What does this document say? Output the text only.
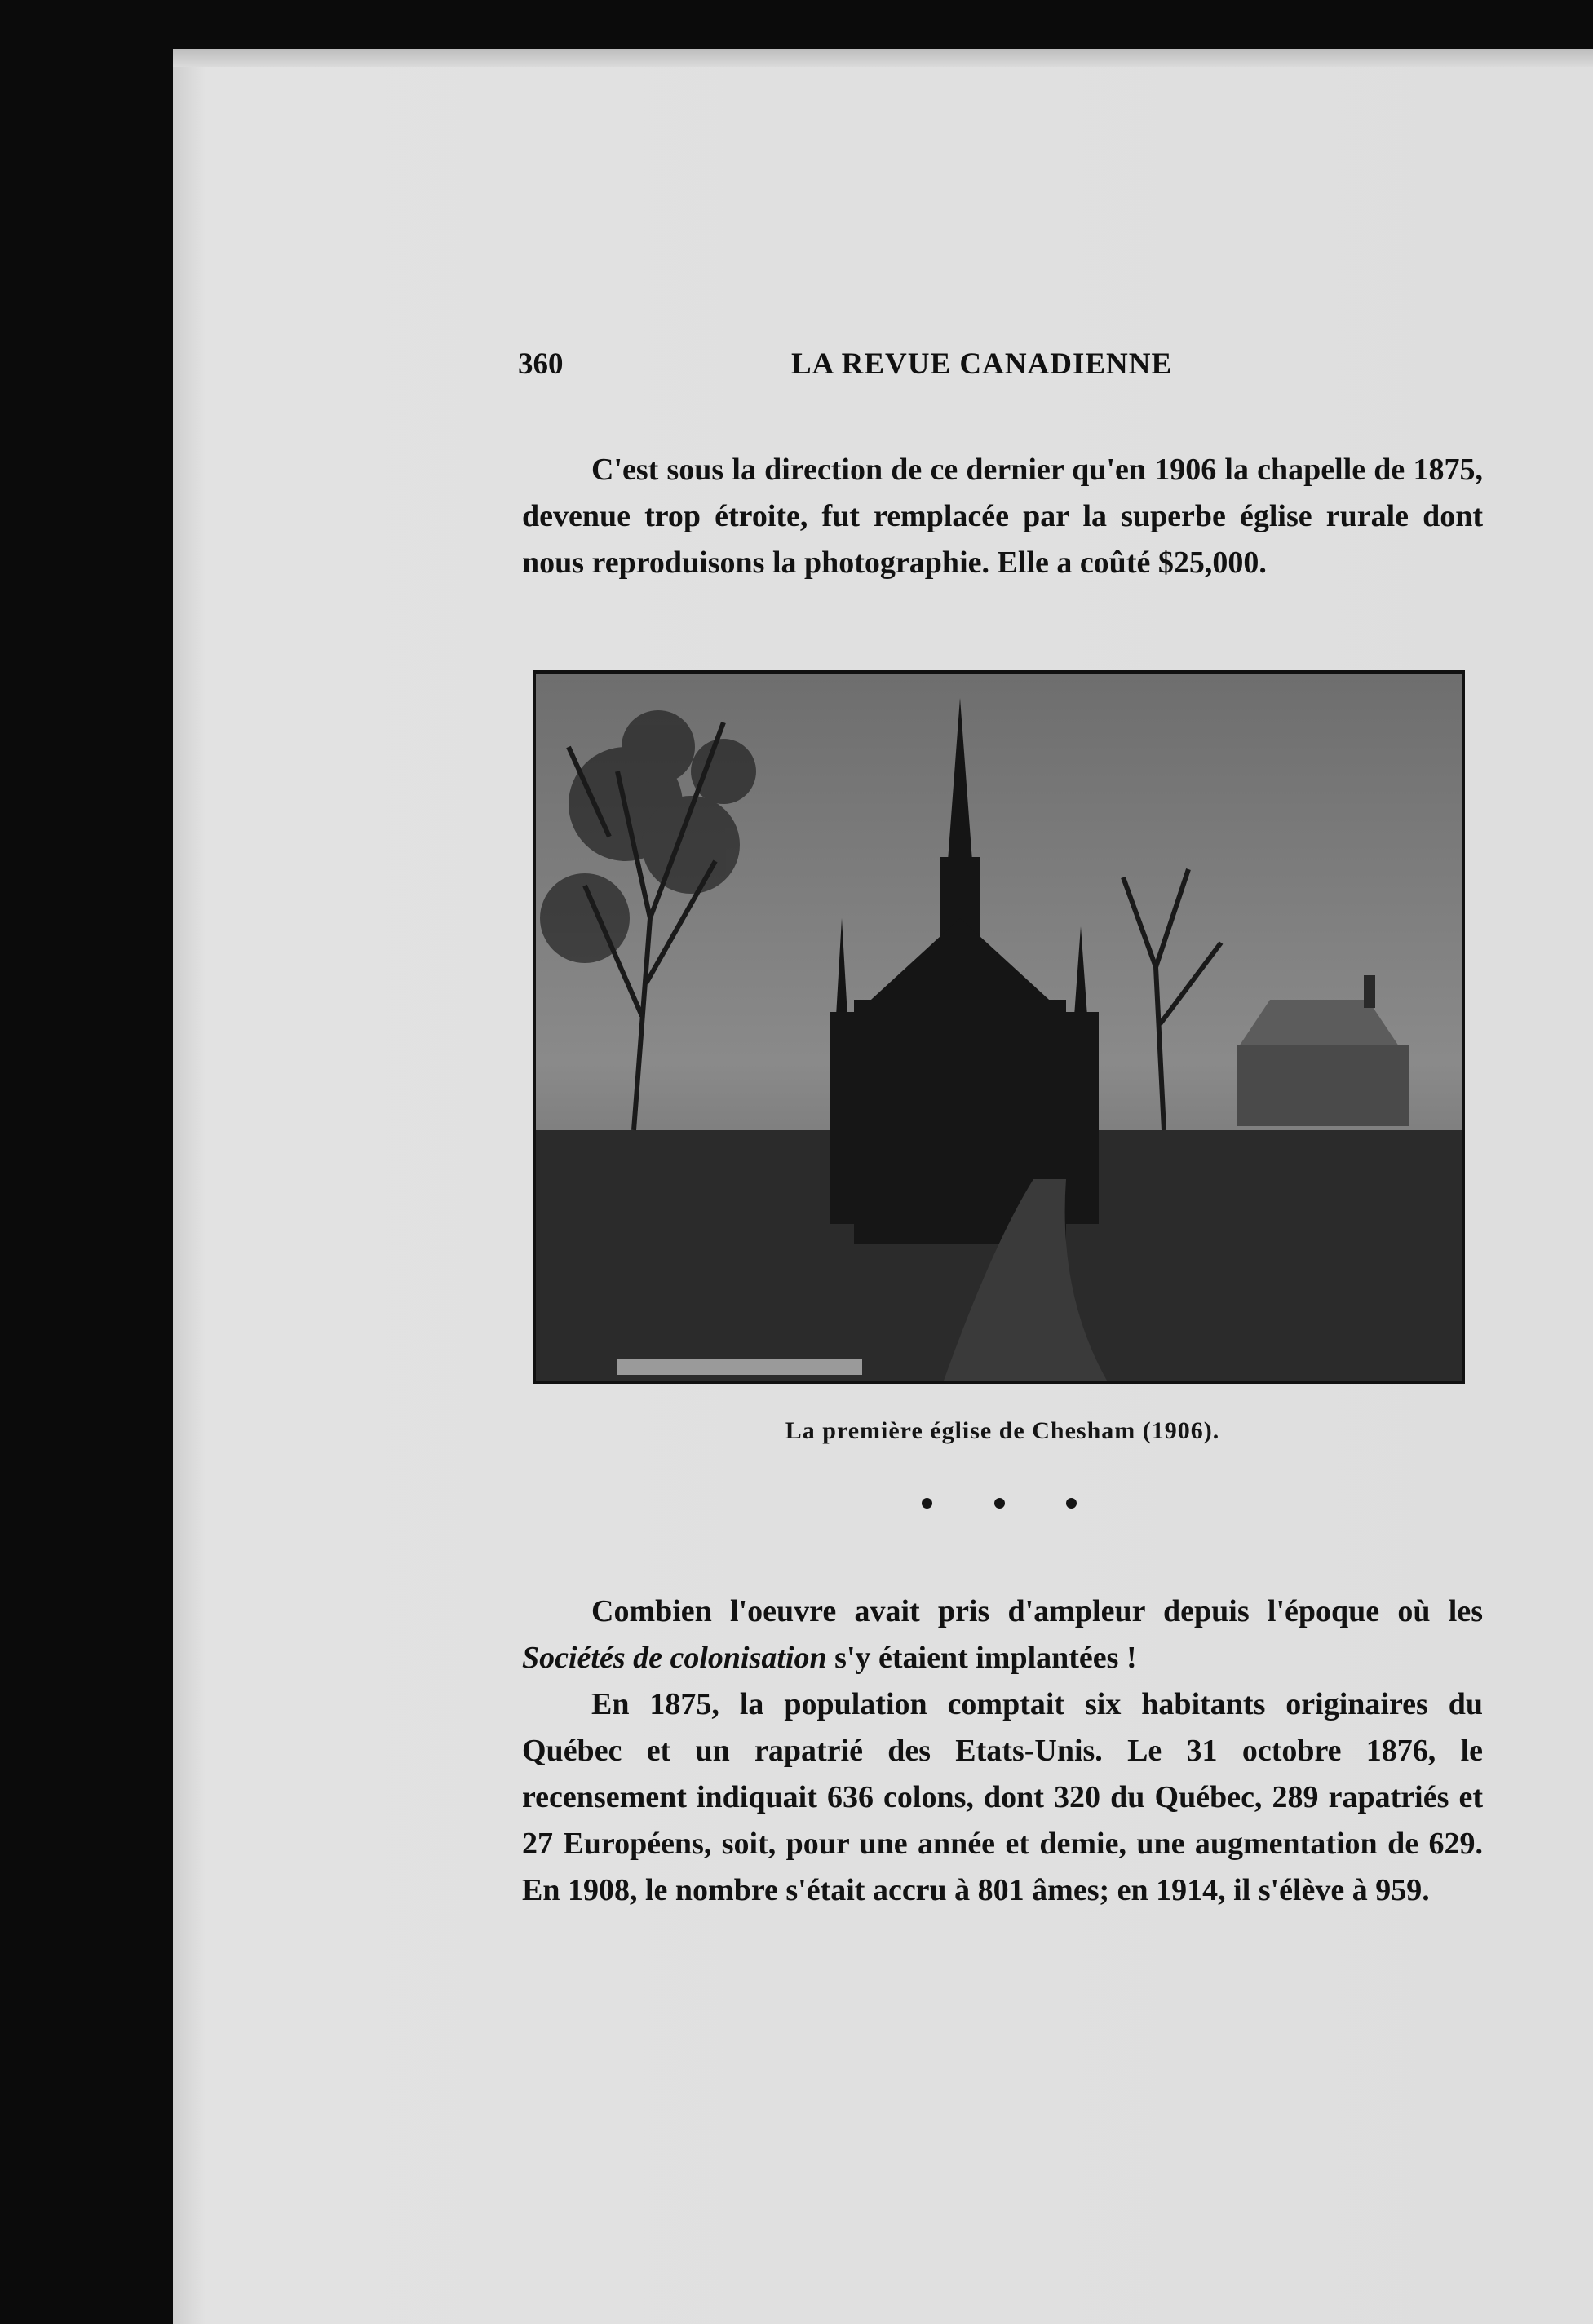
360	LA REVUE CANADIENNE

C'est sous la direction de ce dernier qu'en 1906 la chapelle de 1875, devenue trop étroite, fut remplacée par la superbe église rurale dont nous reproduisons la photographie. Elle a coûté $25,000.

La première église de Chesham (1906).

Combien l'oeuvre avait pris d'ampleur depuis l'époque où les Sociétés de colonisation s'y étaient implantées !

En 1875, la population comptait six habitants originaires du Québec et un rapatrié des Etats-Unis. Le 31 octobre 1876, le recensement indiquait 636 colons, dont 320 du Québec, 289 rapatriés et 27 Européens, soit, pour une année et demie, une augmentation de 629. En 1908, le nombre s'était accru à 801 âmes; en 1914, il s'élève à 959.
